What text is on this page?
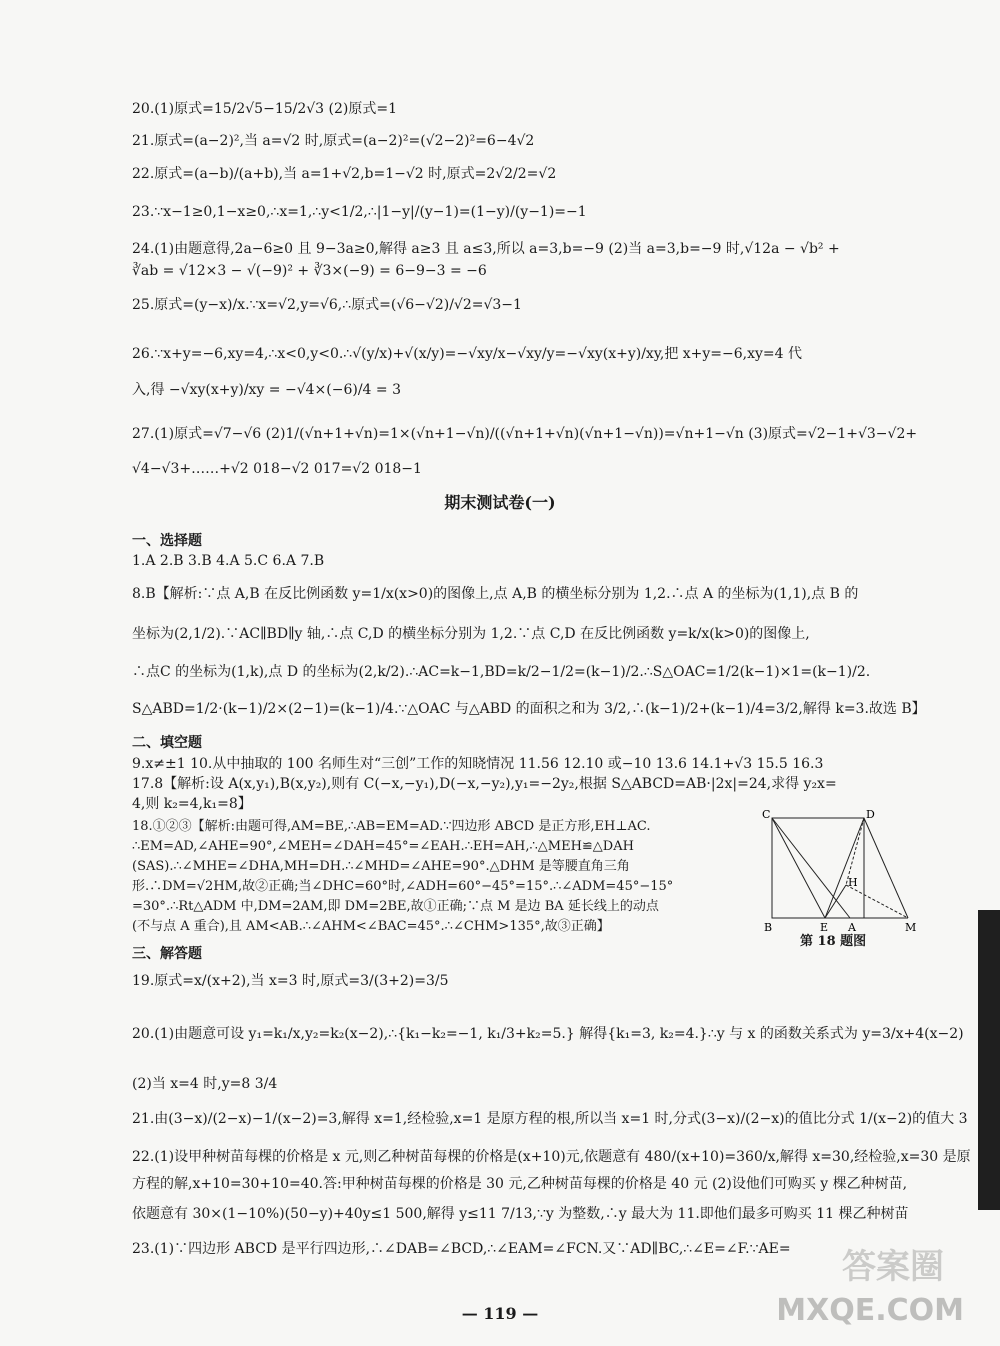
20.(1)原式=15/2√5−15/2√3 (2)原式=1
21.原式=(a−2)²,当 a=√2 时,原式=(a−2)²=(√2−2)²=6−4√2
22.原式=(a−b)/(a+b),当 a=1+√2,b=1−√2 时,原式=2√2/2=√2
23.∵x−1≥0,1−x≥0,∴x=1,∴y<1/2,∴|1−y|/(y−1)=(1−y)/(y−1)=−1
24.(1)由题意得,2a−6≥0 且 9−3a≥0,解得 a≥3 且 a≤3,所以 a=3,b=−9 (2)当 a=3,b=−9 时,√12a − √b² +
∛ab = √12×3 − √(−9)² + ∛3×(−9) = 6−9−3 = −6
25.原式=(y−x)/x.∵x=√2,y=√6,∴原式=(√6−√2)/√2=√3−1
26.∵x+y=−6,xy=4,∴x<0,y<0.∴√(y/x)+√(x/y)=−√xy/x−√xy/y=−√xy(x+y)/xy,把 x+y=−6,xy=4 代
入,得 −√xy(x+y)/xy = −√4×(−6)/4 = 3
27.(1)原式=√7−√6 (2)1/(√n+1+√n)=1×(√n+1−√n)/((√n+1+√n)(√n+1−√n))=√n+1−√n (3)原式=√2−1+√3−√2+
√4−√3+……+√2 018−√2 017=√2 018−1
期末测试卷(一)
一、选择题
1.A 2.B 3.B 4.A 5.C 6.A 7.B
8.B【解析:∵点 A,B 在反比例函数 y=1/x(x>0)的图像上,点 A,B 的横坐标分别为 1,2.∴点 A 的坐标为(1,1),点 B 的
坐标为(2,1/2).∵AC∥BD∥y 轴,∴点 C,D 的横坐标分别为 1,2.∵点 C,D 在反比例函数 y=k/x(k>0)的图像上,
∴点C 的坐标为(1,k),点 D 的坐标为(2,k/2).∴AC=k−1,BD=k/2−1/2=(k−1)/2.∴S△OAC=1/2(k−1)×1=(k−1)/2.
S△ABD=1/2·(k−1)/2×(2−1)=(k−1)/4.∵△OAC 与△ABD 的面积之和为 3/2,∴(k−1)/2+(k−1)/4=3/2,解得 k=3.故选 B】
二、填空题
9.x≠±1 10.从中抽取的 100 名师生对“三创”工作的知晓情况 11.56 12.10 或−10 13.6 14.1+√3 15.5 16.3
17.8【解析:设 A(x,y₁),B(x,y₂),则有 C(−x,−y₁),D(−x,−y₂),y₁=−2y₂,根据 S△ABCD=AB·|2x|=24,求得 y₂x=
4,则 k₂=4,k₁=8】
18.①②③【解析:由题可得,AM=BE,∴AB=EM=AD.∵四边形 ABCD 是正方形,EH⊥AC.
∴EM=AD,∠AHE=90°,∠MEH=∠DAH=45°=∠EAH.∴EH=AH,∴△MEH≌△DAH
(SAS).∴∠MHE=∠DHA,MH=DH.∴∠MHD=∠AHE=90°.△DHM 是等腰直角三角
形.∴DM=√2HM,故②正确;当∠DHC=60°时,∠ADH=60°−45°=15°.∴∠ADM=45°−15°
=30°.∴Rt△ADM 中,DM=2AM,即 DM=2BE,故①正确;∵点 M 是边 BA 延长线上的动点
(不与点 A 重合),且 AM<AB.∴∠AHM<∠BAC=45°.∴∠CHM>135°,故③正确】
C	D
H
B	E A	M
第 18 题图
三、解答题
19.原式=x/(x+2),当 x=3 时,原式=3/(3+2)=3/5
20.(1)由题意可设 y₁=k₁/x,y₂=k₂(x−2),∴{k₁−k₂=−1, k₁/3+k₂=5.} 解得{k₁=3, k₂=4.}∴y 与 x 的函数关系式为 y=3/x+4(x−2)
(2)当 x=4 时,y=8 3/4
21.由(3−x)/(2−x)−1/(x−2)=3,解得 x=1,经检验,x=1 是原方程的根,所以当 x=1 时,分式(3−x)/(2−x)的值比分式 1/(x−2)的值大 3
22.(1)设甲种树苗每棵的价格是 x 元,则乙种树苗每棵的价格是(x+10)元,依题意有 480/(x+10)=360/x,解得 x=30,经检验,x=30 是原
方程的解,x+10=30+10=40.答:甲种树苗每棵的价格是 30 元,乙种树苗每棵的价格是 40 元 (2)设他们可购买 y 棵乙种树苗,
依题意有 30×(1−10%)(50−y)+40y≤1 500,解得 y≤11 7/13,∵y 为整数,∴y 最大为 11.即他们最多可购买 11 棵乙种树苗
23.(1)∵四边形 ABCD 是平行四边形,∴∠DAB=∠BCD,∴∠EAM=∠FCN.又∵AD∥BC,∴∠E=∠F.∵AE=
— 119 —
答案圈
MXQE.COM
